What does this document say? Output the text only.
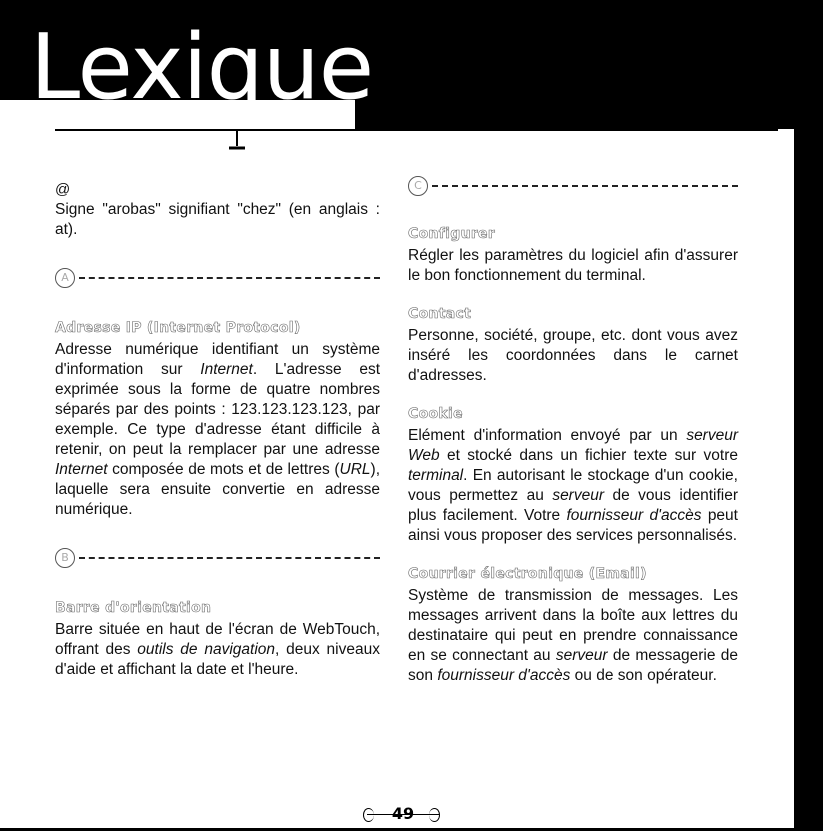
Lexique
@

Signe "arobas" signifiant "chez" (en anglais : at).

A
Adresse IP (Internet Protocol)

Adresse numérique identifiant un système d'information sur Internet. L'adresse est exprimée sous la forme de quatre nombres séparés par des points : 123.123.123.123, par exemple. Ce type d'adresse étant difficile à retenir, on peut la remplacer par une adresse Internet composée de mots et de lettres (URL), laquelle sera ensuite convertie en adresse numérique.

B
Barre d'orientation

Barre située en haut de l'écran de WebTouch, offrant des outils de navigation, deux niveaux d'aide et affichant la date et l'heure.

C
Configurer

Régler les paramètres du logiciel afin d'assurer le bon fonctionnement du terminal.

Contact

Personne, société, groupe, etc. dont vous avez inséré les coordonnées dans le carnet d'adresses.

Cookie

Elément d'information envoyé par un serveur Web et stocké dans un fichier texte sur votre terminal. En autorisant le stockage d'un cookie, vous permettez au serveur de vous identifier plus facilement. Votre fournisseur d'accès peut ainsi vous proposer des services personnalisés.

Courrier électronique (Email)

Système de transmission de messages. Les messages arrivent dans la boîte aux lettres du destinataire qui peut en prendre connaissance en se connectant au serveur de messagerie de son fournisseur d'accès ou de son opérateur.

49
